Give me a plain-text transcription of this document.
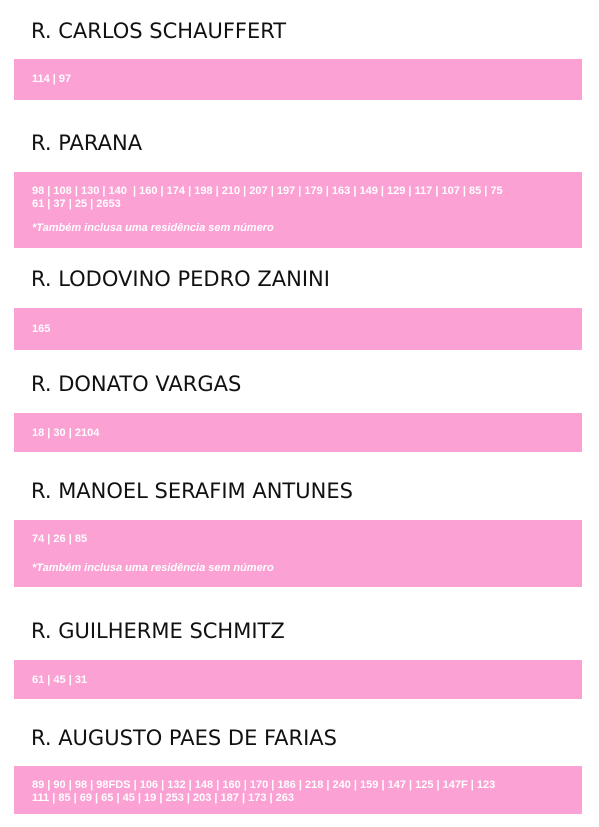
R. CARLOS SCHAUFFERT

114 | 97

R. PARANA

98 | 108 | 130 | 140  | 160 | 174 | 198 | 210 | 207 | 197 | 179 | 163 | 149 | 129 | 117 | 107 | 85 | 75

61 | 37 | 25 | 2653

*Também inclusa uma residência sem número

R. LODOVINO PEDRO ZANINI

165

R. DONATO VARGAS

18 | 30 | 2104

R. MANOEL SERAFIM ANTUNES

74 | 26 | 85

*Também inclusa uma residência sem número

R. GUILHERME SCHMITZ

61 | 45 | 31

R. AUGUSTO PAES DE FARIAS

89 | 90 | 98 | 98FDS | 106 | 132 | 148 | 160 | 170 | 186 | 218 | 240 | 159 | 147 | 125 | 147F | 123

111 | 85 | 69 | 65 | 45 | 19 | 253 | 203 | 187 | 173 | 263
